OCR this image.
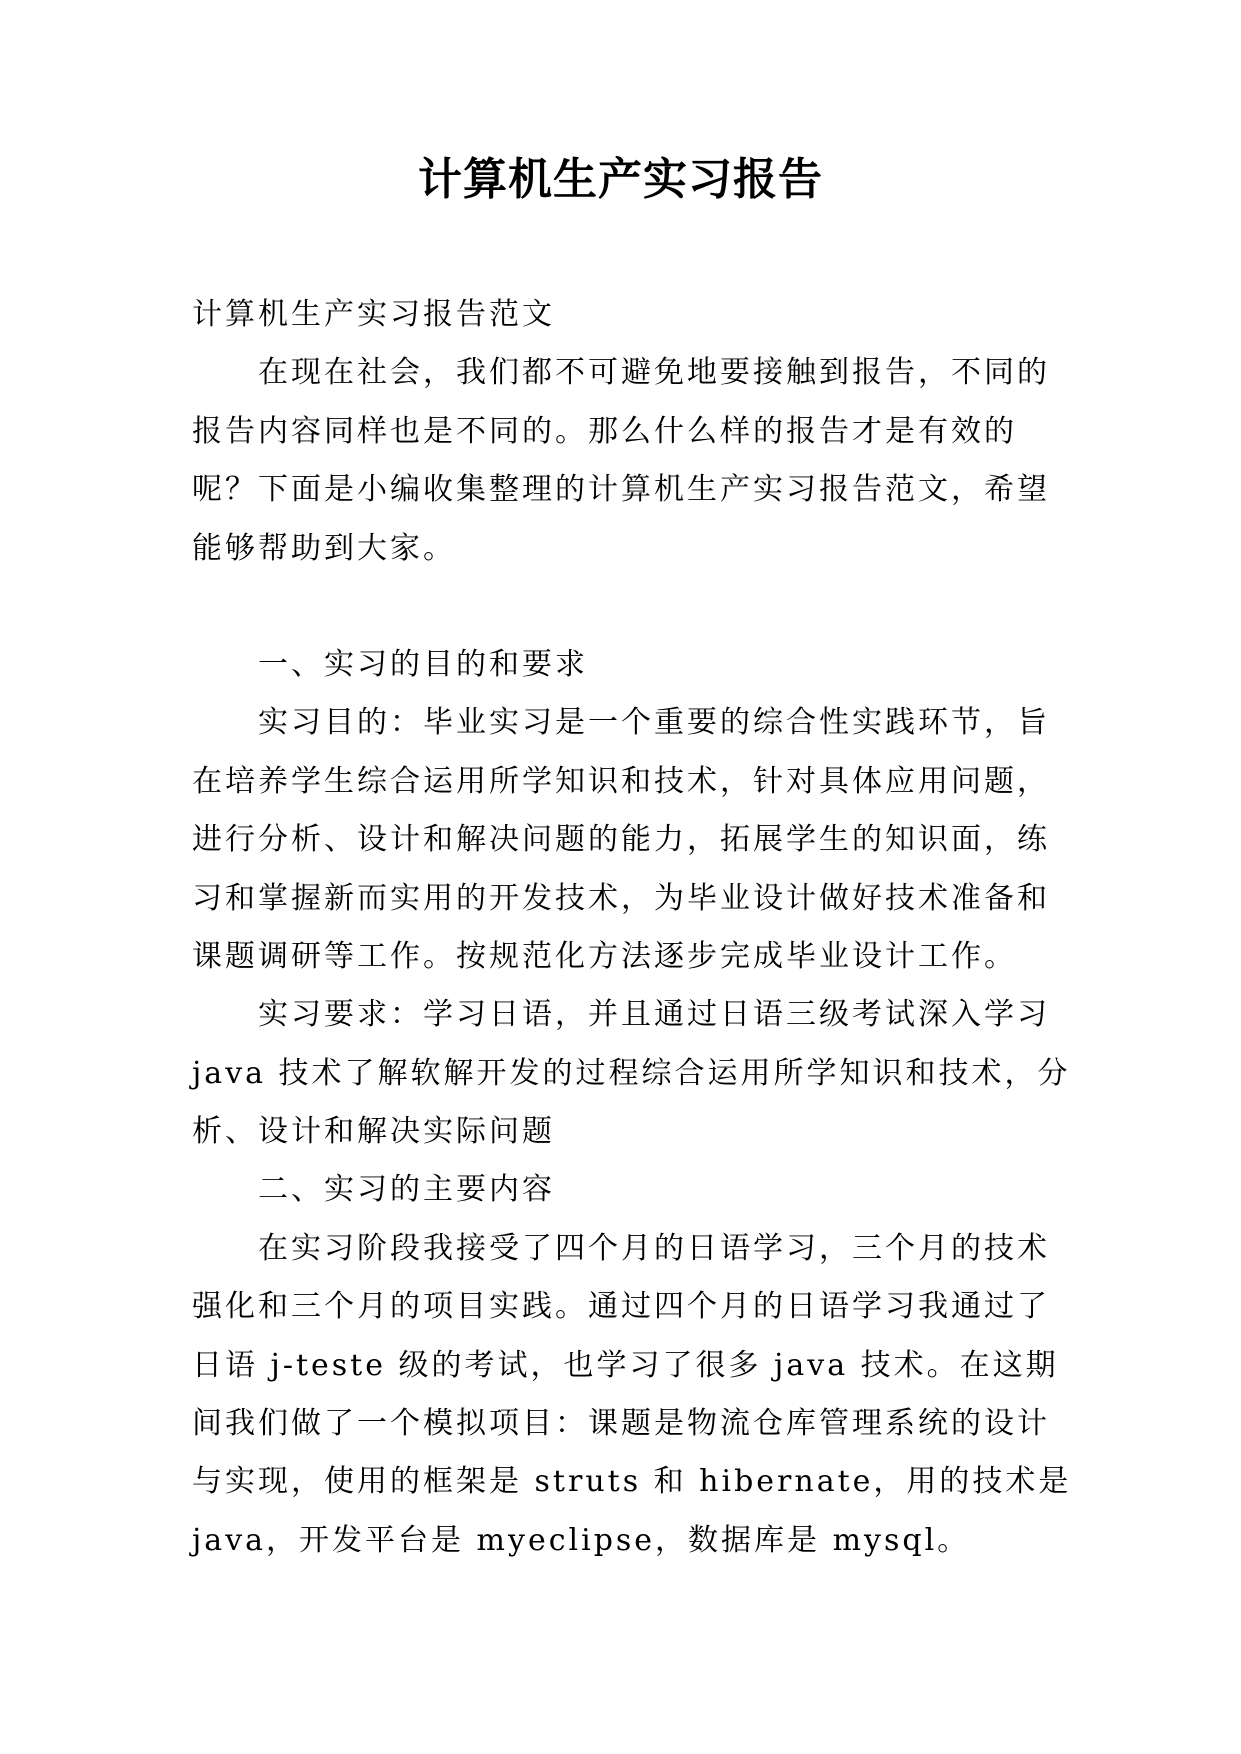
计算机生产实习报告
计算机生产实习报告范文
在现在社会，我们都不可避免地要接触到报告，不同的
报告内容同样也是不同的。那么什么样的报告才是有效的
呢？下面是小编收集整理的计算机生产实习报告范文，希望
能够帮助到大家。
一、实习的目的和要求
实习目的：毕业实习是一个重要的综合性实践环节，旨
在培养学生综合运用所学知识和技术，针对具体应用问题，
进行分析、设计和解决问题的能力，拓展学生的知识面，练
习和掌握新而实用的开发技术，为毕业设计做好技术准备和
课题调研等工作。按规范化方法逐步完成毕业设计工作。
实习要求：学习日语，并且通过日语三级考试深入学习
java 技术了解软解开发的过程综合运用所学知识和技术，分
析、设计和解决实际问题
二、实习的主要内容
在实习阶段我接受了四个月的日语学习，三个月的技术
强化和三个月的项目实践。通过四个月的日语学习我通过了
日语 j-teste 级的考试，也学习了很多 java 技术。在这期
间我们做了一个模拟项目：课题是物流仓库管理系统的设计
与实现，使用的框架是 struts 和 hibernate，用的技术是
java，开发平台是 myeclipse，数据库是 mysql。
